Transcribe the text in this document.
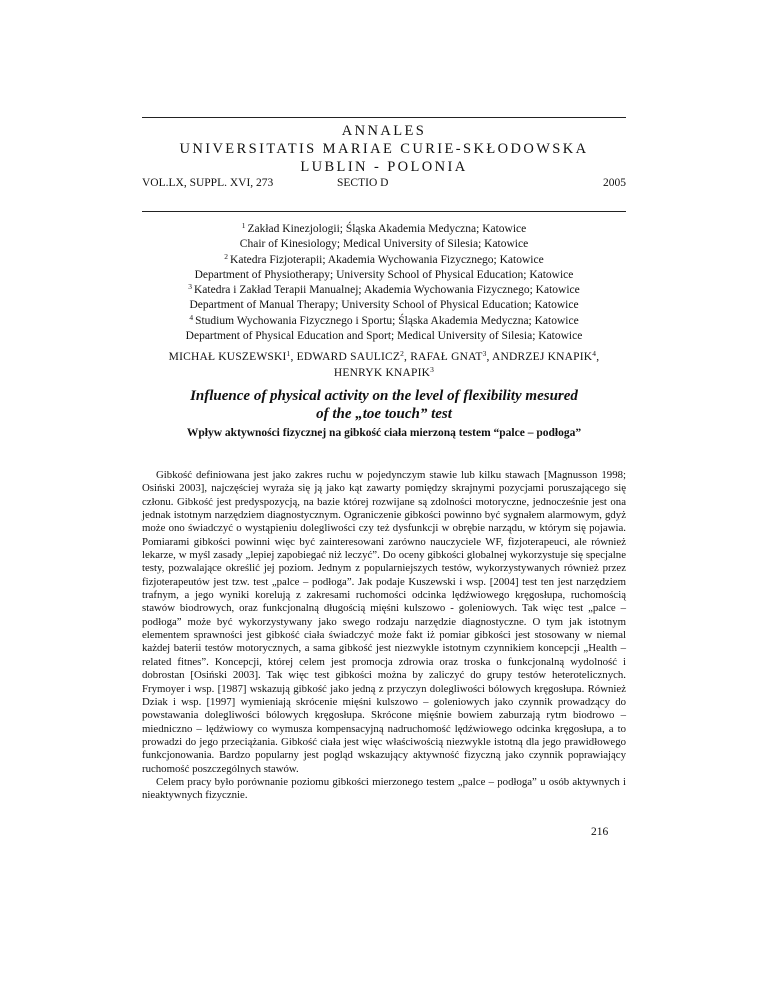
ANNALES
UNIVERSITATIS MARIAE CURIE-SKŁODOWSKA
LUBLIN - POLONIA
VOL.LX, SUPPL. XVI, 273	SECTIO D	2005
$^1$ Zakład Kinezjologii; Śląska Akademia Medyczna; Katowice
Chair of Kinesiology; Medical University of Silesia; Katowice
$^2$ Katedra Fizjoterapii; Akademia Wychowania Fizycznego; Katowice
Department of Physiotherapy; University School of Physical Education; Katowice
$^3$ Katedra i Zakład Terapii Manualnej; Akademia Wychowania Fizycznego; Katowice
Department of Manual Therapy; University School of Physical Education; Katowice
$^4$ Studium Wychowania Fizycznego i Sportu; Śląska Akademia Medyczna; Katowice
Department of Physical Education and Sport; Medical University of Silesia; Katowice
MICHAŁ KUSZEWSKI$^1$, EDWARD SAULICZ$^2$, RAFAŁ GNAT$^3$, ANDRZEJ KNAPIK$^4$,
HENRYK KNAPIK$^3$
Influence of physical activity on the level of flexibility mesured
of the „toe touch” test
Wpływ aktywności fizycznej na gibkość ciała mierzoną testem “palce – podłoga”

Gibkość definiowana jest jako zakres ruchu w pojedynczym stawie lub kilku stawach [Magnusson 1998; Osiński 2003], najczęściej wyraża się ją jako kąt zawarty pomiędzy skrajnymi pozycjami poruszającego się członu. Gibkość jest predyspozycją, na bazie której rozwijane są zdolności motoryczne, jednocześnie jest ona jednak istotnym narzędziem diagnostycznym. Ograniczenie gibkości powinno być sygnałem alarmowym, gdyż może ono świadczyć o wystąpieniu dolegliwości czy też dysfunkcji w obrębie narządu, w którym się pojawia. Pomiarami gibkości powinni więc być zainteresowani zarówno nauczyciele WF, fizjoterapeuci, ale również lekarze, w myśl zasady „lepiej zapobiegać niż leczyć”. Do oceny gibkości globalnej wykorzystuje się specjalne testy, pozwalające określić jej poziom. Jednym z popularniejszych testów, wykorzystywanych również przez fizjoterapeutów jest tzw. test „palce – podłoga”. Jak podaje Kuszewski i wsp. [2004] test ten jest narzędziem trafnym, a jego wyniki korelują z zakresami ruchomości odcinka lędźwiowego kręgosłupa, ruchomością stawów biodrowych, oraz funkcjonalną długością mięśni kulszowo - goleniowych. Tak więc test „palce – podłoga” może być wykorzystywany jako swego rodzaju narzędzie diagnostyczne. O tym jak istotnym elementem sprawności jest gibkość ciała świadczyć może fakt iż pomiar gibkości jest stosowany w niemal każdej baterii testów motorycznych, a sama gibkość jest niezwykle istotnym czynnikiem koncepcji „Health – related fitnes”. Koncepcji, której celem jest promocja zdrowia oraz troska o funkcjonalną wydolność i dobrostan [Osiński 2003]. Tak więc test gibkości można by zaliczyć do grupy testów heterotelicznych. Frymoyer i wsp. [1987] wskazują gibkość jako jedną z przyczyn dolegliwości bólowych kręgosłupa. Również Dziak i wsp. [1997] wymieniają skrócenie mięśni kulszowo – goleniowych jako czynnik prowadzący do powstawania dolegliwości bólowych kręgosłupa. Skrócone mięśnie bowiem zaburzają rytm biodrowo – miedniczno – lędźwiowy co wymusza kompensacyjną nadruchomość lędźwiowego odcinka kręgosłupa, a to prowadzi do jego przeciążania. Gibkość ciała jest więc właściwością niezwykle istotną dla jego prawidłowego funkcjonowania. Bardzo popularny jest pogląd wskazujący aktywność fizyczną jako czynnik poprawiający ruchomość poszczególnych stawów.

Celem pracy było porównanie poziomu gibkości mierzonego testem „palce – podłoga” u osób aktywnych i nieaktywnych fizycznie.

216
